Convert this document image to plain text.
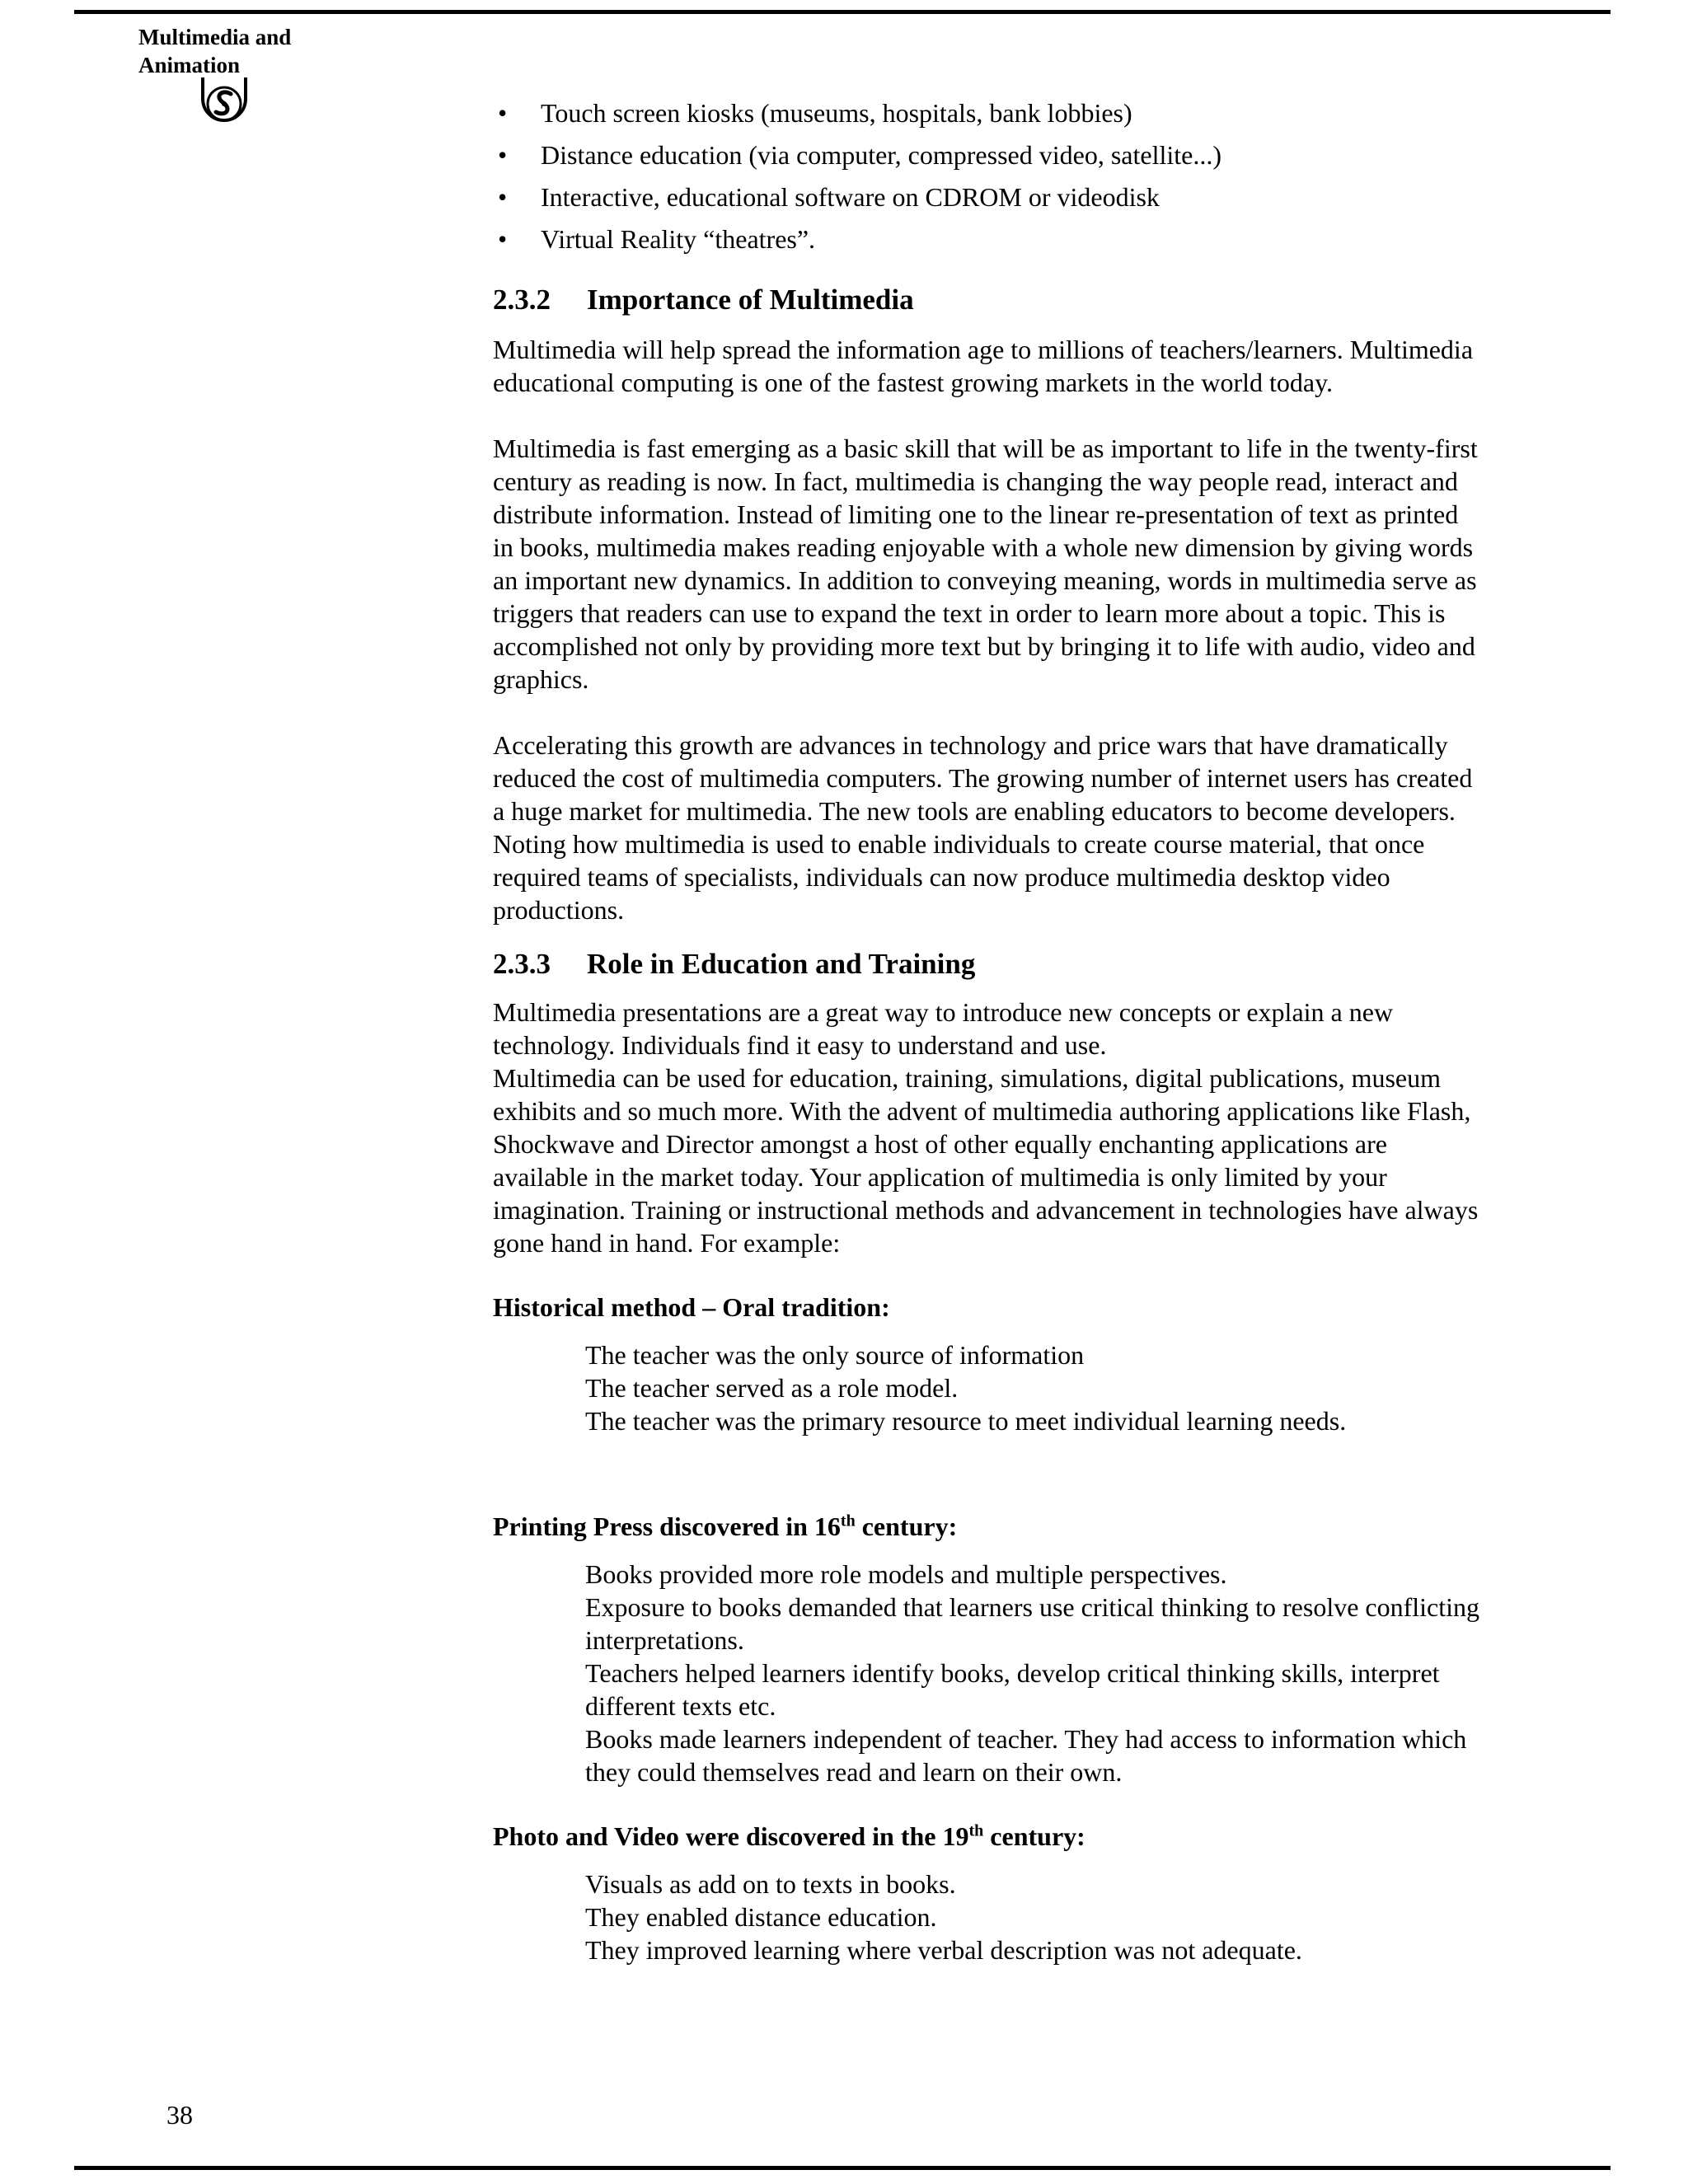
Multimedia and
Animation
• Touch screen kiosks (museums, hospitals, bank lobbies)
• Distance education (via computer, compressed video, satellite...)
• Interactive, educational software on CDROM or videodisk
• Virtual Reality “theatres”.
2.3.2 Importance of Multimedia

Multimedia will help spread the information age to millions of teachers/learners. Multimedia educational computing is one of the fastest growing markets in the world today.

Multimedia is fast emerging as a basic skill that will be as important to life in the twenty-first century as reading is now. In fact, multimedia is changing the way people read, interact and distribute information. Instead of limiting one to the linear re-presentation of text as printed in books, multimedia makes reading enjoyable with a whole new dimension by giving words an important new dynamics. In addition to conveying meaning, words in multimedia serve as triggers that readers can use to expand the text in order to learn more about a topic. This is accomplished not only by providing more text but by bringing it to life with audio, video and graphics.

Accelerating this growth are advances in technology and price wars that have dramatically reduced the cost of multimedia computers. The growing number of internet users has created a huge market for multimedia. The new tools are enabling educators to become developers. Noting how multimedia is used to enable individuals to create course material, that once required teams of specialists, individuals can now produce multimedia desktop video productions.

2.3.3 Role in Education and Training

Multimedia presentations are a great way to introduce new concepts or explain a new technology. Individuals find it easy to understand and use.

Multimedia can be used for education, training, simulations, digital publications, museum exhibits and so much more. With the advent of multimedia authoring applications like Flash, Shockwave and Director amongst a host of other equally enchanting applications are available in the market today. Your application of multimedia is only limited by your imagination. Training or instructional methods and advancement in technologies have always gone hand in hand. For example:

Historical method – Oral tradition:
The teacher was the only source of information
The teacher served as a role model.
The teacher was the primary resource to meet individual learning needs.
Printing Press discovered in 16th century:
Books provided more role models and multiple perspectives.
Exposure to books demanded that learners use critical thinking to resolve conflicting interpretations.
Teachers helped learners identify books, develop critical thinking skills, interpret different texts etc.
Books made learners independent of teacher. They had access to information which they could themselves read and learn on their own.
Photo and Video were discovered in the 19th century:
Visuals as add on to texts in books.
They enabled distance education.
They improved learning where verbal description was not adequate.
38
